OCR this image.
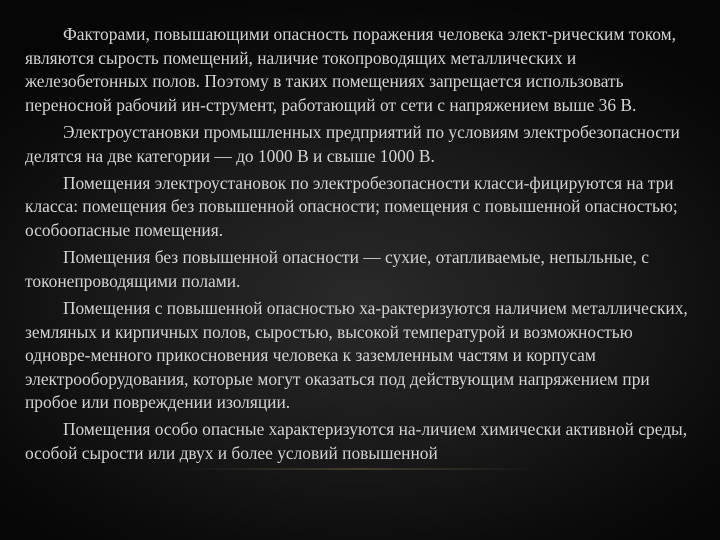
Факторами, повышающими опасность поражения человека элект-рическим током, являются сырость помещений, наличие токопроводящих металлических и железобетонных полов. Поэтому в таких помещениях запрещается использовать переносной рабочий ин-струмент, работающий от сети с напряжением выше 36 В.

Электроустановки промышленных предприятий по условиям электробезопасности делятся на две категории — до 1000 В и свыше 1000 В.

Помещения электроустановок по электробезопасности класси-фицируются на три класса: помещения без повышенной опасности; помещения с повышенной опасностью; особоопасные помещения.

Помещения без повышенной опасности — сухие, отапливаемые, непыльные, с токонепроводящими полами.

Помещения с повышенной опасностью ха-рактеризуются наличием металлических, земляных и кирпичных полов, сыростью, высокой температурой и возможностью одновре-менного прикосновения человека к заземленным частям и корпусам электрооборудования, которые могут оказаться под действующим напряжением при пробое или повреждении изоляции.

Помещения особо опасные характеризуются на-личием химически активной среды, особой сырости или двух и более условий повышенной
